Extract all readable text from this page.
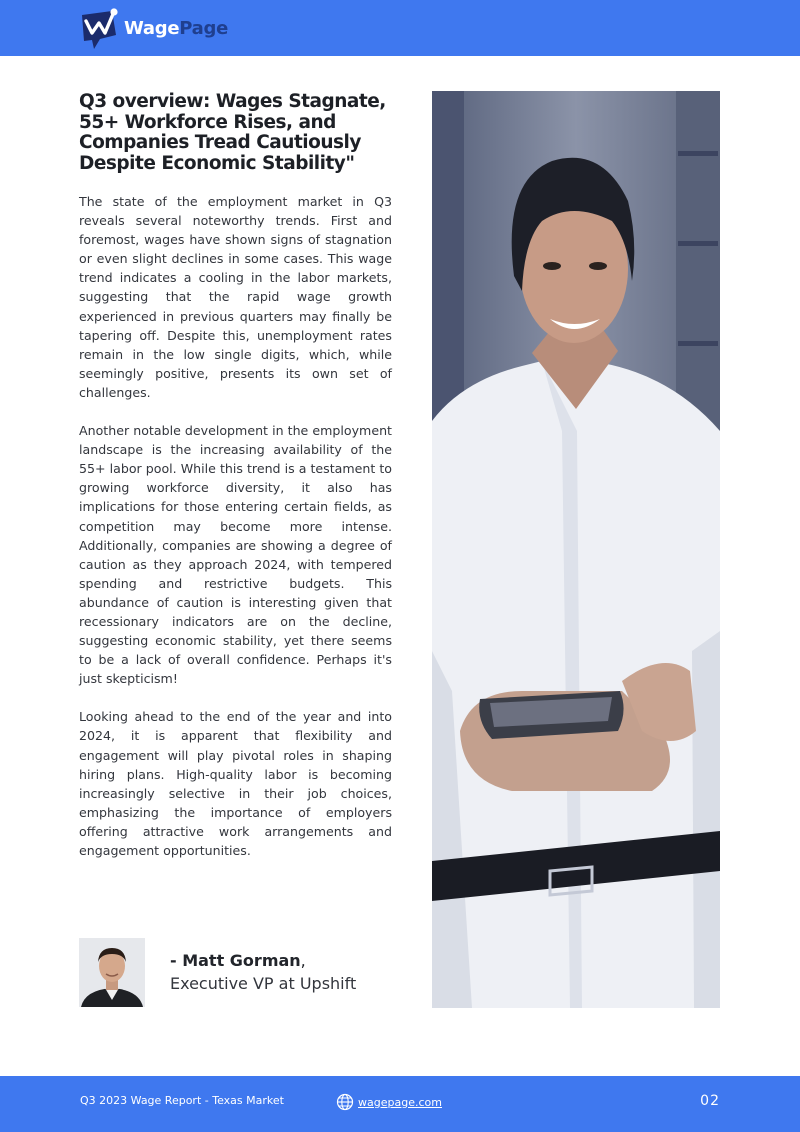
WagePage
Q3 overview: Wages Stagnate, 55+ Workforce Rises, and Companies Tread Cautiously Despite Economic Stability"

The state of the employment market in Q3 reveals several noteworthy trends. First and foremost, wages have shown signs of stagnation or even slight declines in some cases. This wage trend indicates a cooling in the labor markets, suggesting that the rapid wage growth experienced in previous quarters may finally be tapering off. Despite this, unemployment rates remain in the low single digits, which, while seemingly positive, presents its own set of challenges.

Another notable development in the employment landscape is the increasing availability of the 55+ labor pool. While this trend is a testament to growing workforce diversity, it also has implications for those entering certain fields, as competition may become more intense. Additionally, companies are showing a degree of caution as they approach 2024, with tempered spending and restrictive budgets. This abundance of caution is interesting given that recessionary indicators are on the decline, suggesting economic stability, yet there seems to be a lack of overall confidence. Perhaps it's just skepticism!

Looking ahead to the end of the year and into 2024, it is apparent that flexibility and engagement will play pivotal roles in shaping hiring plans. High-quality labor is becoming increasingly selective in their job choices, emphasizing the importance of employers offering attractive work arrangements and engagement opportunities.

- Matt Gorman,
Executive VP at Upshift
Q3 2023 Wage Report - Texas Market	wagepage.com	02
